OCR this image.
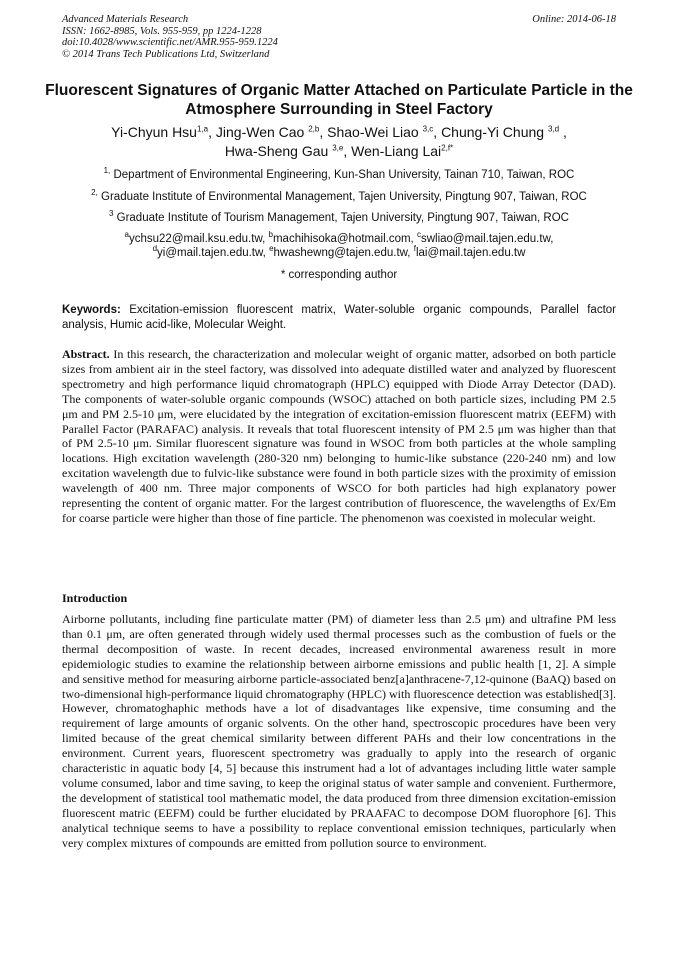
Advanced Materials Research
ISSN: 1662-8985, Vols. 955-959, pp 1224-1228
doi:10.4028/www.scientific.net/AMR.955-959.1224
© 2014 Trans Tech Publications Ltd, Switzerland
Online: 2014-06-18
Fluorescent Signatures of Organic Matter Attached on Particulate Particle in the Atmosphere Surrounding in Steel Factory
Yi-Chyun Hsu$^{1,a}$, Jing-Wen Cao $^{2,b}$, Shao-Wei Liao $^{3,c}$, Chung-Yi Chung $^{3,d}$ ,
Hwa-Sheng Gau $^{3,e}$, Wen-Liang Lai$^{2,f*}$
$^{1,}$ Department of Environmental Engineering, Kun-Shan University, Tainan 710, Taiwan, ROC
$^{2,}$ Graduate Institute of Environmental Management, Tajen University, Pingtung 907, Taiwan, ROC
$^3$ Graduate Institute of Tourism Management, Tajen University, Pingtung 907, Taiwan, ROC
$^a$ychsu22@mail.ksu.edu.tw, $^b$machihisoka@hotmail.com, $^c$swliao@mail.tajen.edu.tw,
$^d$yi@mail.tajen.edu.tw, $^e$hwashewng@tajen.edu.tw, $^f$lai@mail.tajen.edu.tw
* corresponding author
Keywords: Excitation-emission fluorescent matrix, Water-soluble organic compounds, Parallel factor analysis, Humic acid-like, Molecular Weight.
Abstract. In this research, the characterization and molecular weight of organic matter, adsorbed on both particle sizes from ambient air in the steel factory, was dissolved into adequate distilled water and analyzed by fluorescent spectrometry and high performance liquid chromatograph (HPLC) equipped with Diode Array Detector (DAD). The components of water-soluble organic compounds (WSOC) attached on both particle sizes, including PM 2.5 μm and PM 2.5-10 μm, were elucidated by the integration of excitation-emission fluorescent matrix (EEFM) with Parallel Factor (PARAFAC) analysis. It reveals that total fluorescent intensity of PM 2.5 μm was higher than that of PM 2.5-10 μm. Similar fluorescent signature was found in WSOC from both particles at the whole sampling locations. High excitation wavelength (280-320 nm) belonging to humic-like substance (220-240 nm) and low excitation wavelength due to fulvic-like substance were found in both particle sizes with the proximity of emission wavelength of 400 nm. Three major components of WSCO for both particles had high explanatory power representing the content of organic matter. For the largest contribution of fluorescence, the wavelengths of Ex/Em for coarse particle were higher than those of fine particle. The phenomenon was coexisted in molecular weight.
Introduction
Airborne pollutants, including fine particulate matter (PM) of diameter less than 2.5 μm) and ultrafine PM less than 0.1 μm, are often generated through widely used thermal processes such as the combustion of fuels or the thermal decomposition of waste. In recent decades, increased environmental awareness result in more epidemiologic studies to examine the relationship between airborne emissions and public health [1, 2]. A simple and sensitive method for measuring airborne particle-associated benz[a]anthracene-7,12-quinone (BaAQ) based on two-dimensional high-performance liquid chromatography (HPLC) with fluorescence detection was established[3]. However, chromatoghaphic methods have a lot of disadvantages like expensive, time consuming and the requirement of large amounts of organic solvents. On the other hand, spectroscopic procedures have been very limited because of the great chemical similarity between different PAHs and their low concentrations in the environment. Current years, fluorescent spectrometry was gradually to apply into the research of organic characteristic in aquatic body [4, 5] because this instrument had a lot of advantages including little water sample volume consumed, labor and time saving, to keep the original status of water sample and convenient. Furthermore, the development of statistical tool mathematic model, the data produced from three dimension excitation-emission fluorescent matric (EEFM) could be further elucidated by PRAAFAC to decompose DOM fluorophore [6]. This analytical technique seems to have a possibility to replace conventional emission techniques, particularly when very complex mixtures of compounds are emitted from pollution source to environment.
